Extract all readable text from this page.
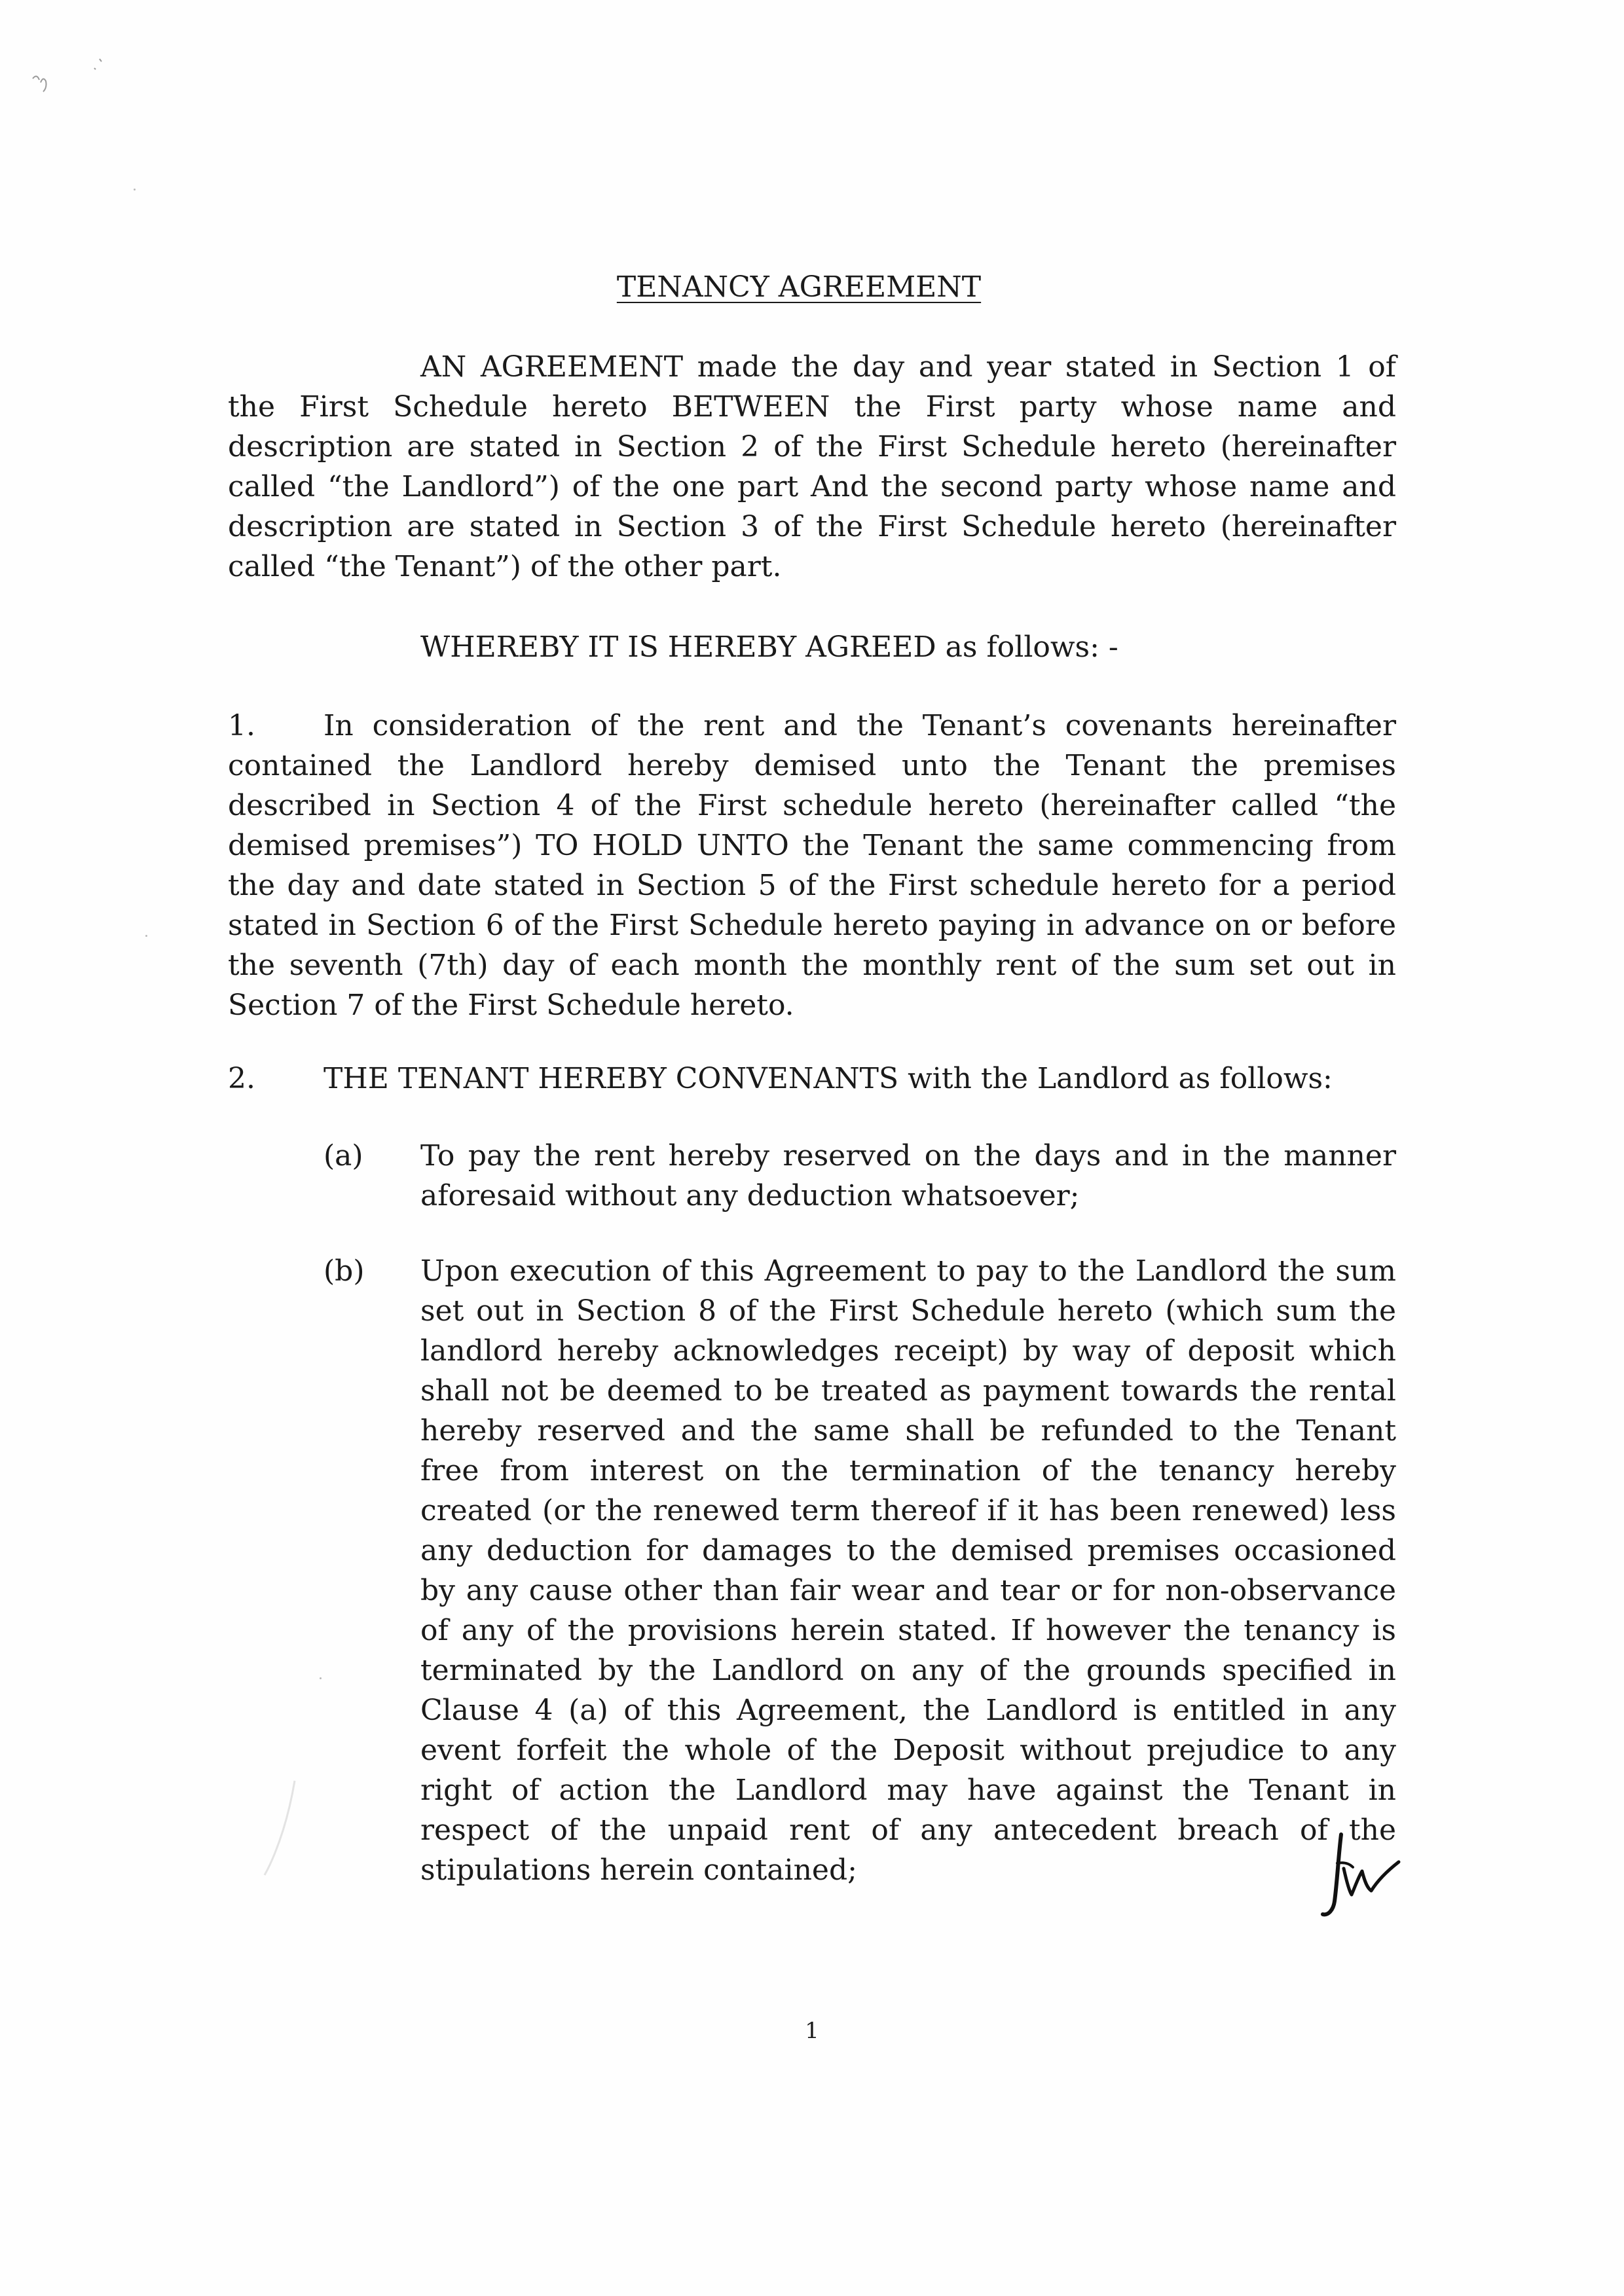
TENANCY AGREEMENT
AN AGREEMENT made the day and year stated in Section 1 of the First Schedule hereto BETWEEN the First party whose name and description are stated in Section 2 of the First Schedule hereto (hereinafter called “the Landlord”) of the one part And the second party whose name and description are stated in Section 3 of the First Schedule hereto (hereinafter called “the Tenant”) of the other part.
WHEREBY IT IS HEREBY AGREED as follows: -
1. In consideration of the rent and the Tenant’s covenants hereinafter contained the Landlord hereby demised unto the Tenant the premises described in Section 4 of the First schedule hereto (hereinafter called “the demised premises”) TO HOLD UNTO the Tenant the same commencing from the day and date stated in Section 5 of the First schedule hereto for a period stated in Section 6 of the First Schedule hereto paying in advance on or before the seventh (7th) day of each month the monthly rent of the sum set out in Section 7 of the First Schedule hereto.
2. THE TENANT HEREBY CONVENANTS with the Landlord as follows:
(a)	To pay the rent hereby reserved on the days and in the manner aforesaid without any deduction whatsoever;
(b)	Upon execution of this Agreement to pay to the Landlord the sum set out in Section 8 of the First Schedule hereto (which sum the landlord hereby acknowledges receipt) by way of deposit which shall not be deemed to be treated as payment towards the rental hereby reserved and the same shall be refunded to the Tenant free from interest on the termination of the tenancy hereby created (or the renewed term thereof if it has been renewed) less any deduction for damages to the demised premises occasioned by any cause other than fair wear and tear or for non-observance of any of the provisions herein stated. If however the tenancy is terminated by the Landlord on any of the grounds specified in Clause 4 (a) of this Agreement, the Landlord is entitled in any event forfeit the whole of the Deposit without prejudice to any right of action the Landlord may have against the Tenant in respect of the unpaid rent of any antecedent breach of the stipulations herein contained;
1
